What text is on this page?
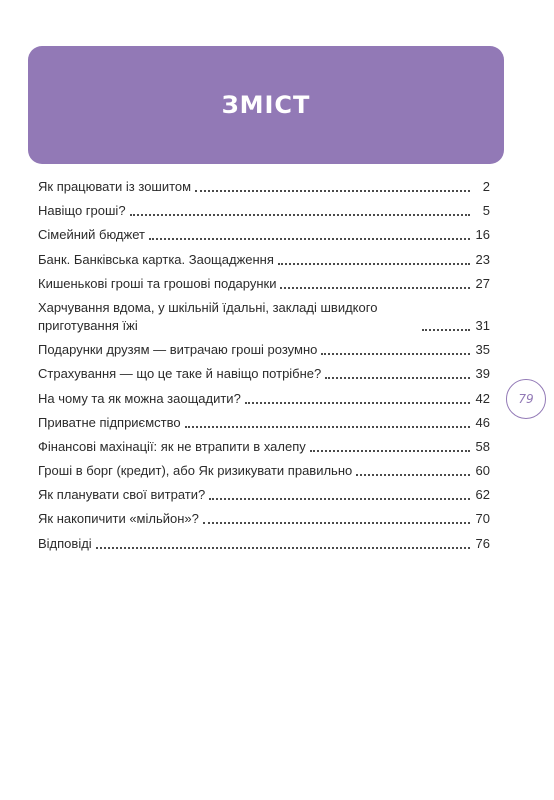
ЗМІСТ
Як працювати із зошитом	2
Навіщо гроші?	5
Сімейний бюджет	16
Банк. Банківська картка. Заощадження	23
Кишенькові гроші та грошові подарунки	27
Харчування вдома, у шкільній їдальні, закладі швидкого приготування їжі	31
Подарунки друзям — витрачаю гроші розумно	35
Страхування — що це таке й навіщо потрібне?	39
На чому та як можна заощадити?	42
Приватне підприємство	46
Фінансові махінації: як не втрапити в халепу	58
Гроші в борг (кредит), або Як ризикувати правильно	60
Як планувати свої витрати?	62
Як накопичити «мільйон»?	70
Відповіді	76
79
